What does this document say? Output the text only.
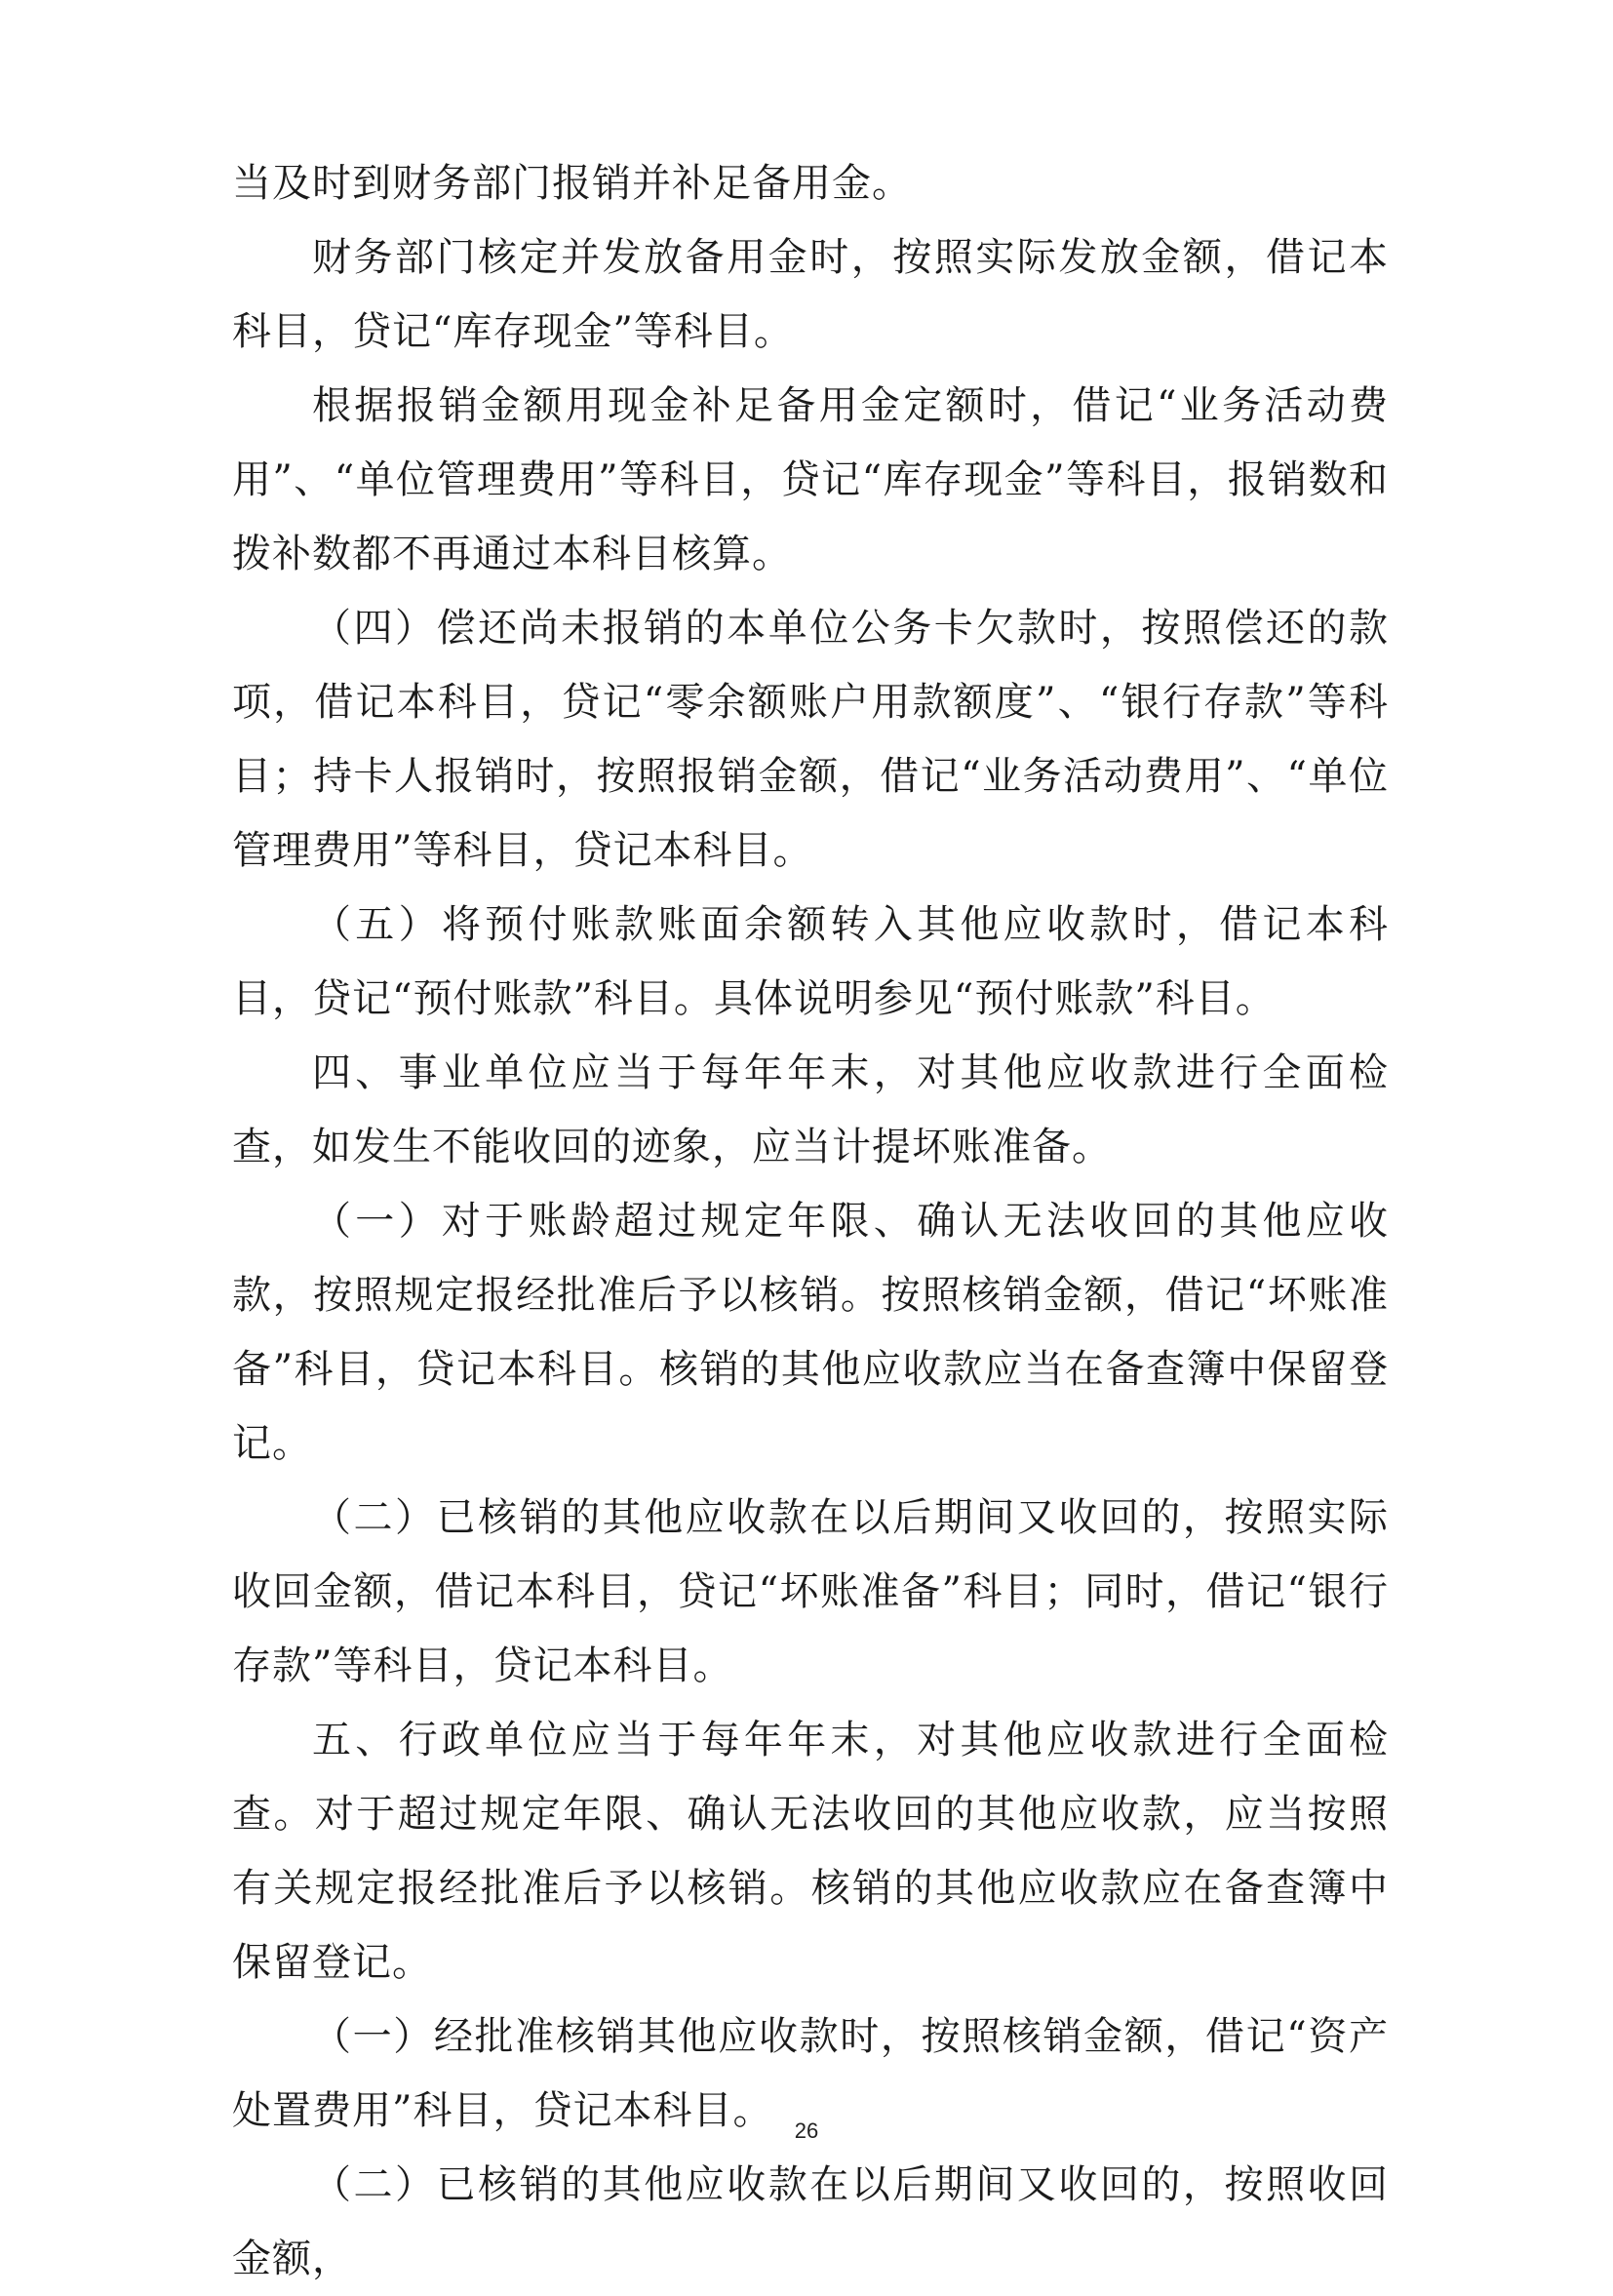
当及时到财务部门报销并补足备用金。

财务部门核定并发放备用金时，按照实际发放金额，借记本科目，贷记“库存现金”等科目。

根据报销金额用现金补足备用金定额时，借记“业务活动费用”、“单位管理费用”等科目，贷记“库存现金”等科目，报销数和拨补数都不再通过本科目核算。

（四）偿还尚未报销的本单位公务卡欠款时，按照偿还的款项，借记本科目，贷记“零余额账户用款额度”、“银行存款”等科目；持卡人报销时，按照报销金额，借记“业务活动费用”、“单位管理费用”等科目，贷记本科目。

（五）将预付账款账面余额转入其他应收款时，借记本科目，贷记“预付账款”科目。具体说明参见“预付账款”科目。

四、事业单位应当于每年年末，对其他应收款进行全面检查，如发生不能收回的迹象，应当计提坏账准备。

（一）对于账龄超过规定年限、确认无法收回的其他应收款，按照规定报经批准后予以核销。按照核销金额，借记“坏账准备”科目，贷记本科目。核销的其他应收款应当在备查簿中保留登记。

（二）已核销的其他应收款在以后期间又收回的，按照实际收回金额，借记本科目，贷记“坏账准备”科目；同时，借记“银行存款”等科目，贷记本科目。

五、行政单位应当于每年年末，对其他应收款进行全面检查。对于超过规定年限、确认无法收回的其他应收款，应当按照有关规定报经批准后予以核销。核销的其他应收款应在备查簿中保留登记。

（一）经批准核销其他应收款时，按照核销金额，借记“资产处置费用”科目，贷记本科目。

（二）已核销的其他应收款在以后期间又收回的，按照收回金额，

26
